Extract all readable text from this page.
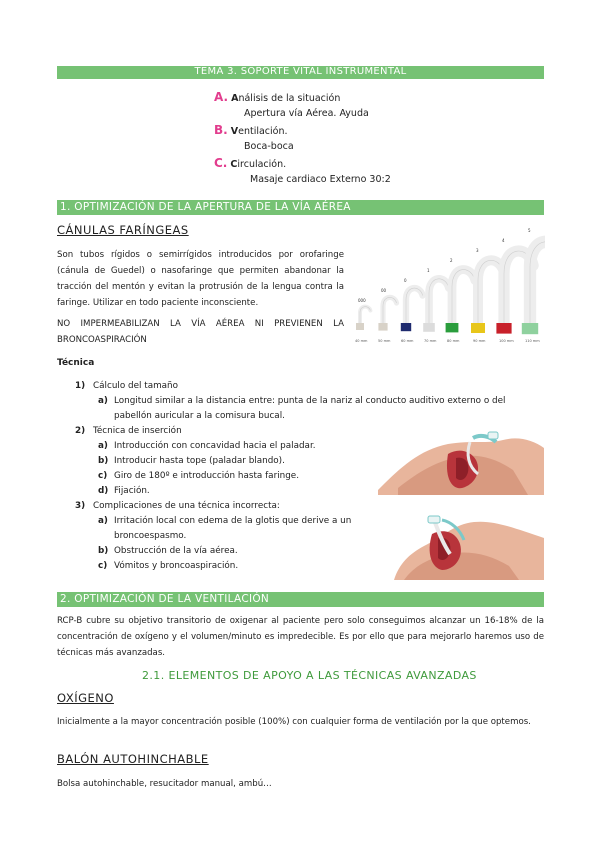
TEMA 3. SOPORTE VITAL INSTRUMENTAL
A. Análisis de la situación
Apertura vía Aérea. Ayuda
B. Ventilación.
Boca-boca
C. Circulación.
Masaje cardiaco Externo 30:2
1. OPTIMIZACIÓN DE LA APERTURA DE LA VÍA AÉREA
CÁNULAS FARÍNGEAS
Son tubos rígidos o semirrígidos introducidos por orofaringe (cánula de Guedel) o nasofaringe que permiten abandonar la tracción del mentón y evitan la protrusión de la lengua contra la faringe. Utilizar en todo paciente inconsciente.
NO IMPERMEABILIZAN LA VÍA AÉREA NI PREVIENEN LA BRONCOASPIRACIÓN
000
40 mm
00
50 mm
0
60 mm
1
70 mm
2
80 mm
3
90 mm
4
100 mm
5
110 mm
Técnica
1) Cálculo del tamaño
a) Longitud similar a la distancia entre: punta de la nariz al conducto auditivo externo o del
pabellón auricular a la comisura bucal.
2) Técnica de inserción
a) Introducción con concavidad hacia el paladar.
b) Introducir hasta tope (paladar blando).
c) Giro de 180º e introducción hasta faringe.
d) Fijación.
3) Complicaciones de una técnica incorrecta:
a) Irritación local con edema de la glotis que derive a un
broncoespasmo.
b) Obstrucción de la vía aérea.
c) Vómitos y broncoaspiración.
2. OPTIMIZACIÓN DE LA VENTILACIÓN
RCP-B cubre su objetivo transitorio de oxigenar al paciente pero solo conseguimos alcanzar un 16-18% de la concentración de oxígeno y el volumen/minuto es impredecible. Es por ello que para mejorarlo haremos uso de técnicas más avanzadas.
2.1. ELEMENTOS DE APOYO A LAS TÉCNICAS AVANZADAS
OXÍGENO
Inicialmente a la mayor concentración posible (100%) con cualquier forma de ventilación por la que optemos.
BALÓN AUTOHINCHABLE
Bolsa autohinchable, resucitador manual, ambú…
